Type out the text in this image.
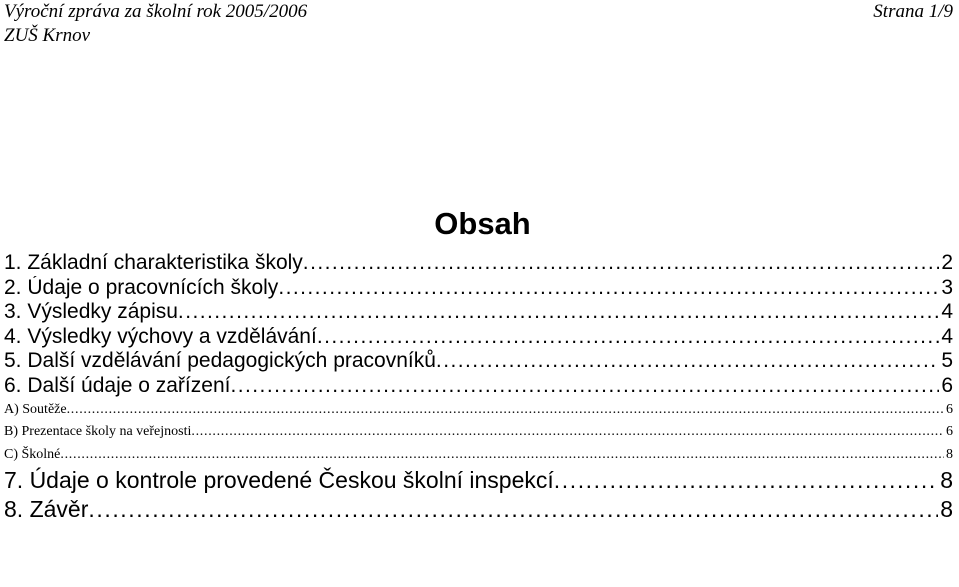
Výroční zpráva za školní rok 2005/2006
ZUŠ Krnov
Strana 1/9
Obsah
1. Základní charakteristika školy . . .	2
2. Údaje o pracovnících školy . . .	3
3. Výsledky zápisu . . .	4
4. Výsledky výchovy a vzdělávání . . .	4
5. Další vzdělávání pedagogických pracovníků . . .	5
6. Další údaje o zařízení . . .	6
A) Soutěže . . .	6
B) Prezentace školy na veřejnosti . . .	6
C) Školné . . .	8
7. Údaje o kontrole provedené Českou školní inspekcí . . .	8
8. Závěr . . .	8
